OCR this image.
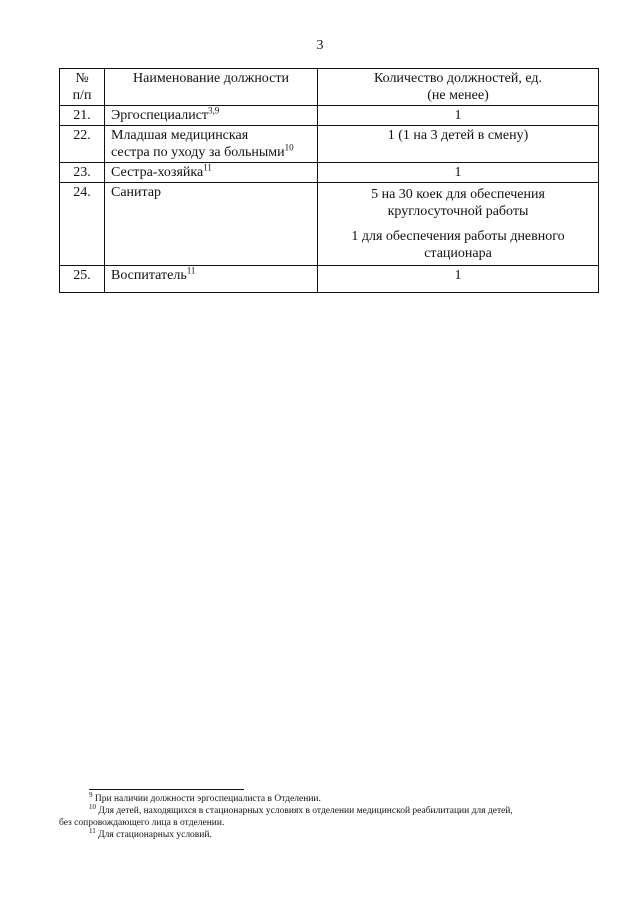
3
№
п/п	Наименование должности	Количество должностей, ед.
(не менее)

21.	Эргоспециалист$^{3,9}$	1
22.	Младшая медицинская
сестра по уходу за больными$^{10}$	1 (1 на 3 детей в смену)
23.	Сестра-хозяйка$^{11}$	1
24.	Санитар	5 на 30 коек для обеспечения
круглосуточной работы
1 для обеспечения работы дневного
стационара

25.	Воспитатель$^{11}$	1
$^9$ При наличии должности эргоспециалиста в Отделении.
$^{10}$ Для детей, находящихся в стационарных условиях в отделении медицинской реабилитации для детей,
без сопровождающего лица в отделении.
$^{11}$ Для стационарных условий.
